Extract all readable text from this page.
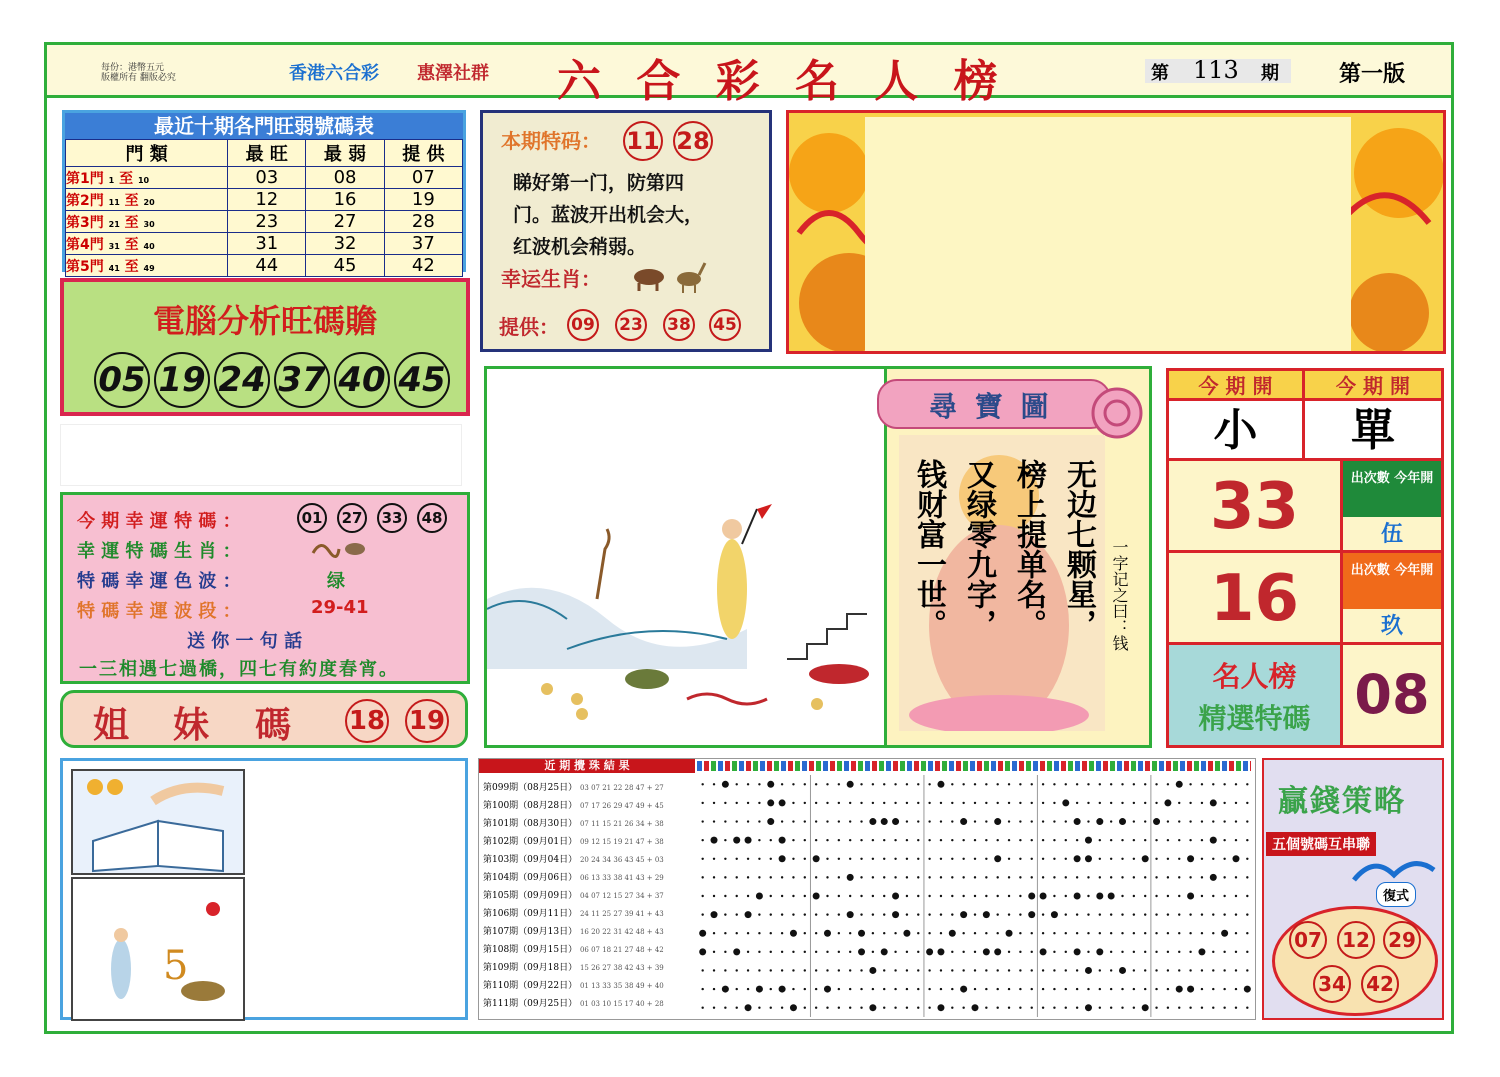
每份：港幣五元
版權所有 翻版必究	香港六合彩 惠澤社群 六 合 彩 名 人 榜	第 113 期	第一版
最近十期各門旺弱號碼表
門 類	最 旺	最 弱	提 供
第1門 1 至 10	03	08	07
第2門 11 至 20	12	16	19
第3門 21 至 30	23	27	28
第4門 31 至 40	31	32	37
第5門 41 至 49	44	45	42
電腦分析旺碼贍
05 19 24 37 40 45
本期特码： 11 28
睇好第一门，防第四
门。蓝波开出机会大，
红波机会稍弱。
幸运生肖：
提供： 09 23 38 45
今 期 幸 運 特 碼 ：	01	27	33	48
幸 運 特 碼 生 肖 ：
特 碼 幸 運 色 波 ：	绿
特 碼 幸 運 波 段 ：	29-41
送 你 一 句 話
一三相遇七過橋，四七有約度春宵。
姐 妹 碼 18 19
尋 寶 圖
无边七颗星，
榜上提单名。
又绿零九字，
钱财富一世。	一字记之曰：钱
今 期 開	今 期 開
小	單
33	出次數 今年開
伍
16	出次數 今年開
玖
名人榜
精選特碼 08
5
近 期 攪 珠 結 果
第099期（08月25日） 03 07 21 22 28 47 + 27
第100期（08月28日） 07 17 26 29 47 49 + 45
第101期（08月30日） 07 11 15 21 26 34 + 38
第102期（09月01日） 09 12 15 19 21 47 + 38
第103期（09月04日） 20 24 34 36 43 45 + 03
第104期（09月06日） 06 13 33 38 41 43 + 29
第105期（09月09日） 04 07 12 15 27 34 + 37
第106期（09月11日） 24 11 25 27 39 41 + 43
第107期（09月13日） 16 20 22 31 42 48 + 43
第108期（09月15日） 06 07 18 21 27 48 + 42
第109期（09月18日） 15 26 27 38 42 43 + 39
第110期（09月22日） 01 13 33 35 38 49 + 40
第111期（09月25日） 01 03 10 15 17 40 + 28
贏錢策略
五個號碼互串聯
復式
07 12 29
34 42
